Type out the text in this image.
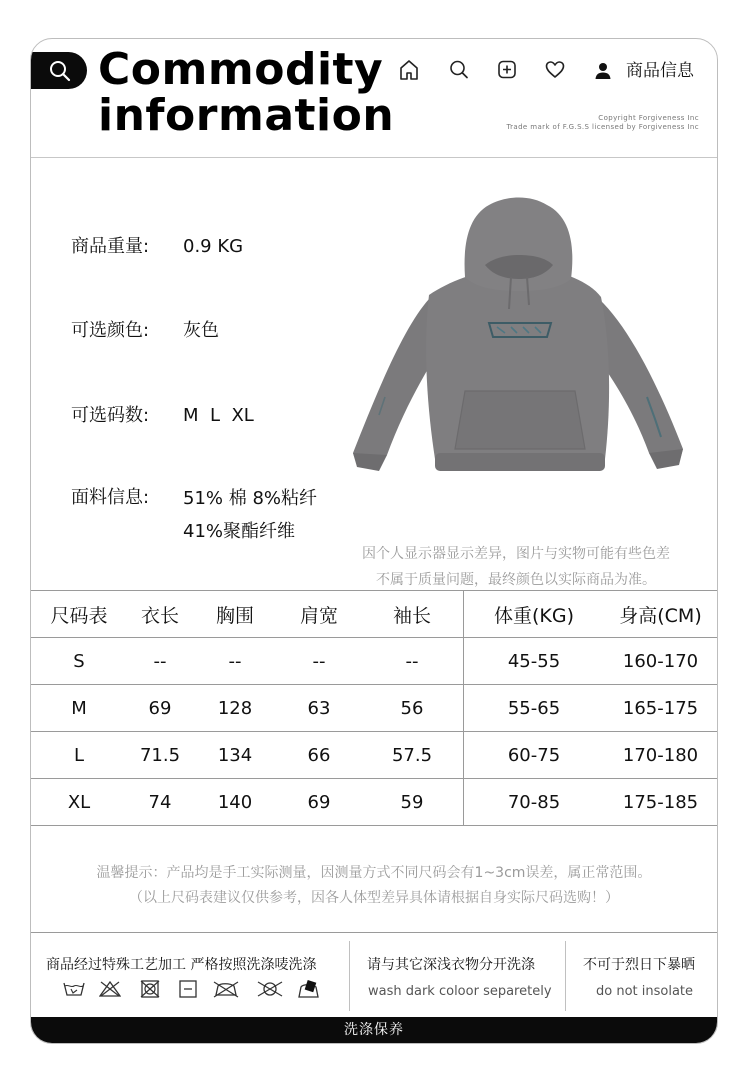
Commodity
information
商品信息
Copyright Forgiveness Inc
Trade mark of F.G.S.S licensed by Forgiveness Inc
商品重量: 0.9 KG
可选颜色: 灰色
可选码数: M  L  XL
面料信息: 51% 棉 8%粘纤
41%聚酯纤维
因个人显示器显示差异，图片与实物可能有些色差
不属于质量问题，最终颜色以实际商品为准。
尺码表	衣长	胸围	肩宽	袖长	体重(KG)	身高(CM)
S	--	--	--	--	45-55	160-170
M	69	128	63	56	55-65	165-175
L	71.5	134	66	57.5	60-75	170-180
XL	74	140	69	59	70-85	175-185
温馨提示：产品均是手工实际测量，因测量方式不同尺码会有1~3cm误差，属正常范围。
（以上尺码表建议仅供参考，因各人体型差异具体请根据自身实际尺码选购！）
商品经过特殊工艺加工 严格按照洗涤唛洗涤	请与其它深浅衣物分开洗涤
wash dark coloor separetely
不可于烈日下暴晒
do not insolate
洗涤保养
